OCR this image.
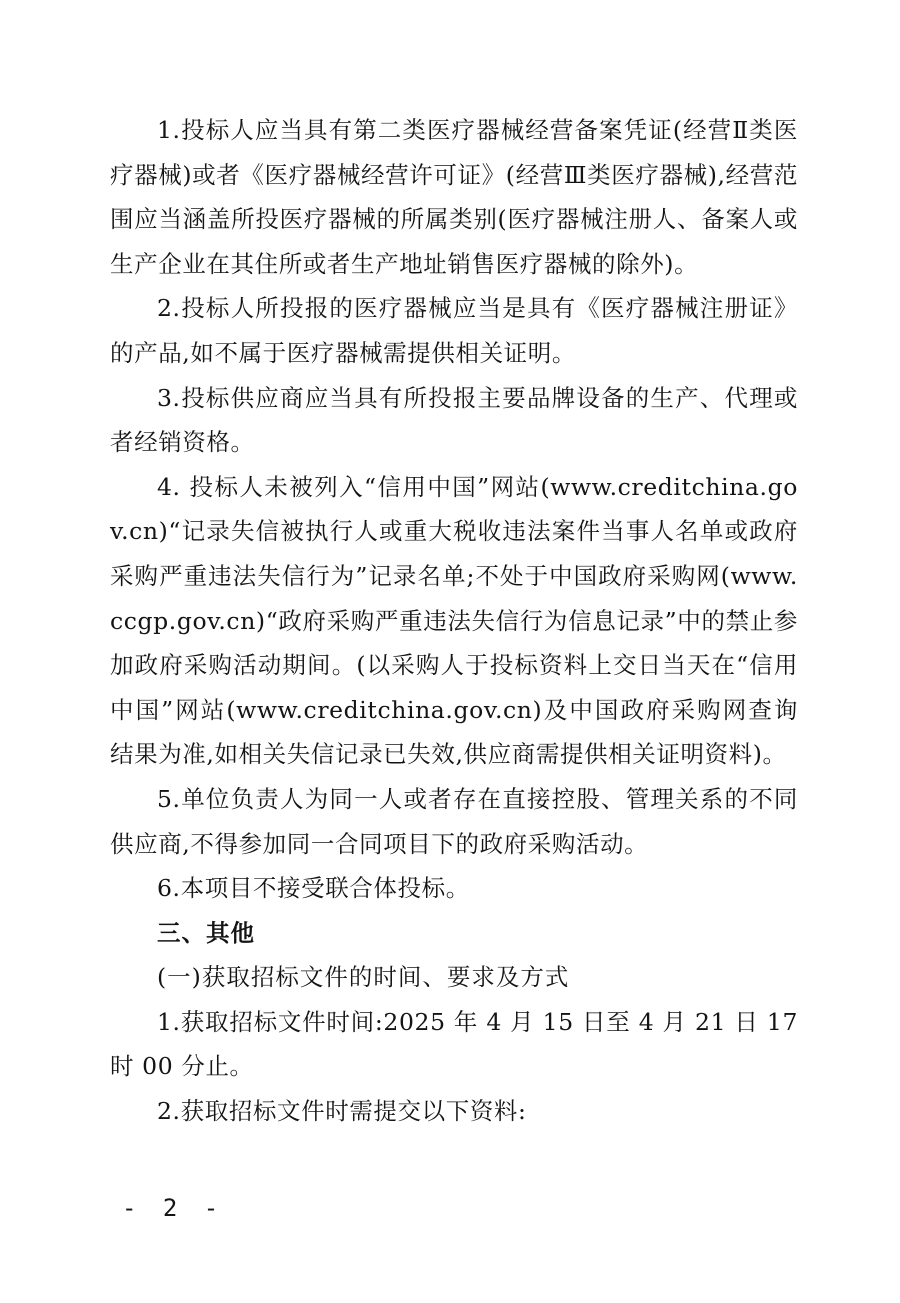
1.投标人应当具有第二类医疗器械经营备案凭证(经营Ⅱ类医疗器械)或者《医疗器械经营许可证》(经营Ⅲ类医疗器械),经营范围应当涵盖所投医疗器械的所属类别(医疗器械注册人、备案人或生产企业在其住所或者生产地址销售医疗器械的除外)。

2.投标人所投报的医疗器械应当是具有《医疗器械注册证》的产品,如不属于医疗器械需提供相关证明。

3.投标供应商应当具有所投报主要品牌设备的生产、代理或者经销资格。

4. 投标人未被列入“信用中国”网站(www.creditchina.gov.cn)“记录失信被执行人或重大税收违法案件当事人名单或政府采购严重违法失信行为”记录名单;不处于中国政府采购网(www.ccgp.gov.cn)“政府采购严重违法失信行为信息记录”中的禁止参加政府采购活动期间。(以采购人于投标资料上交日当天在“信用中国”网站(www.creditchina.gov.cn)及中国政府采购网查询结果为准,如相关失信记录已失效,供应商需提供相关证明资料)。

5.单位负责人为同一人或者存在直接控股、管理关系的不同供应商,不得参加同一合同项目下的政府采购活动。

6.本项目不接受联合体投标。

三、其他

(一)获取招标文件的时间、要求及方式

1.获取招标文件时间:2025 年 4 月 15 日至 4 月 21 日 17 时 00 分止。

2.获取招标文件时需提交以下资料:

- 2 -
